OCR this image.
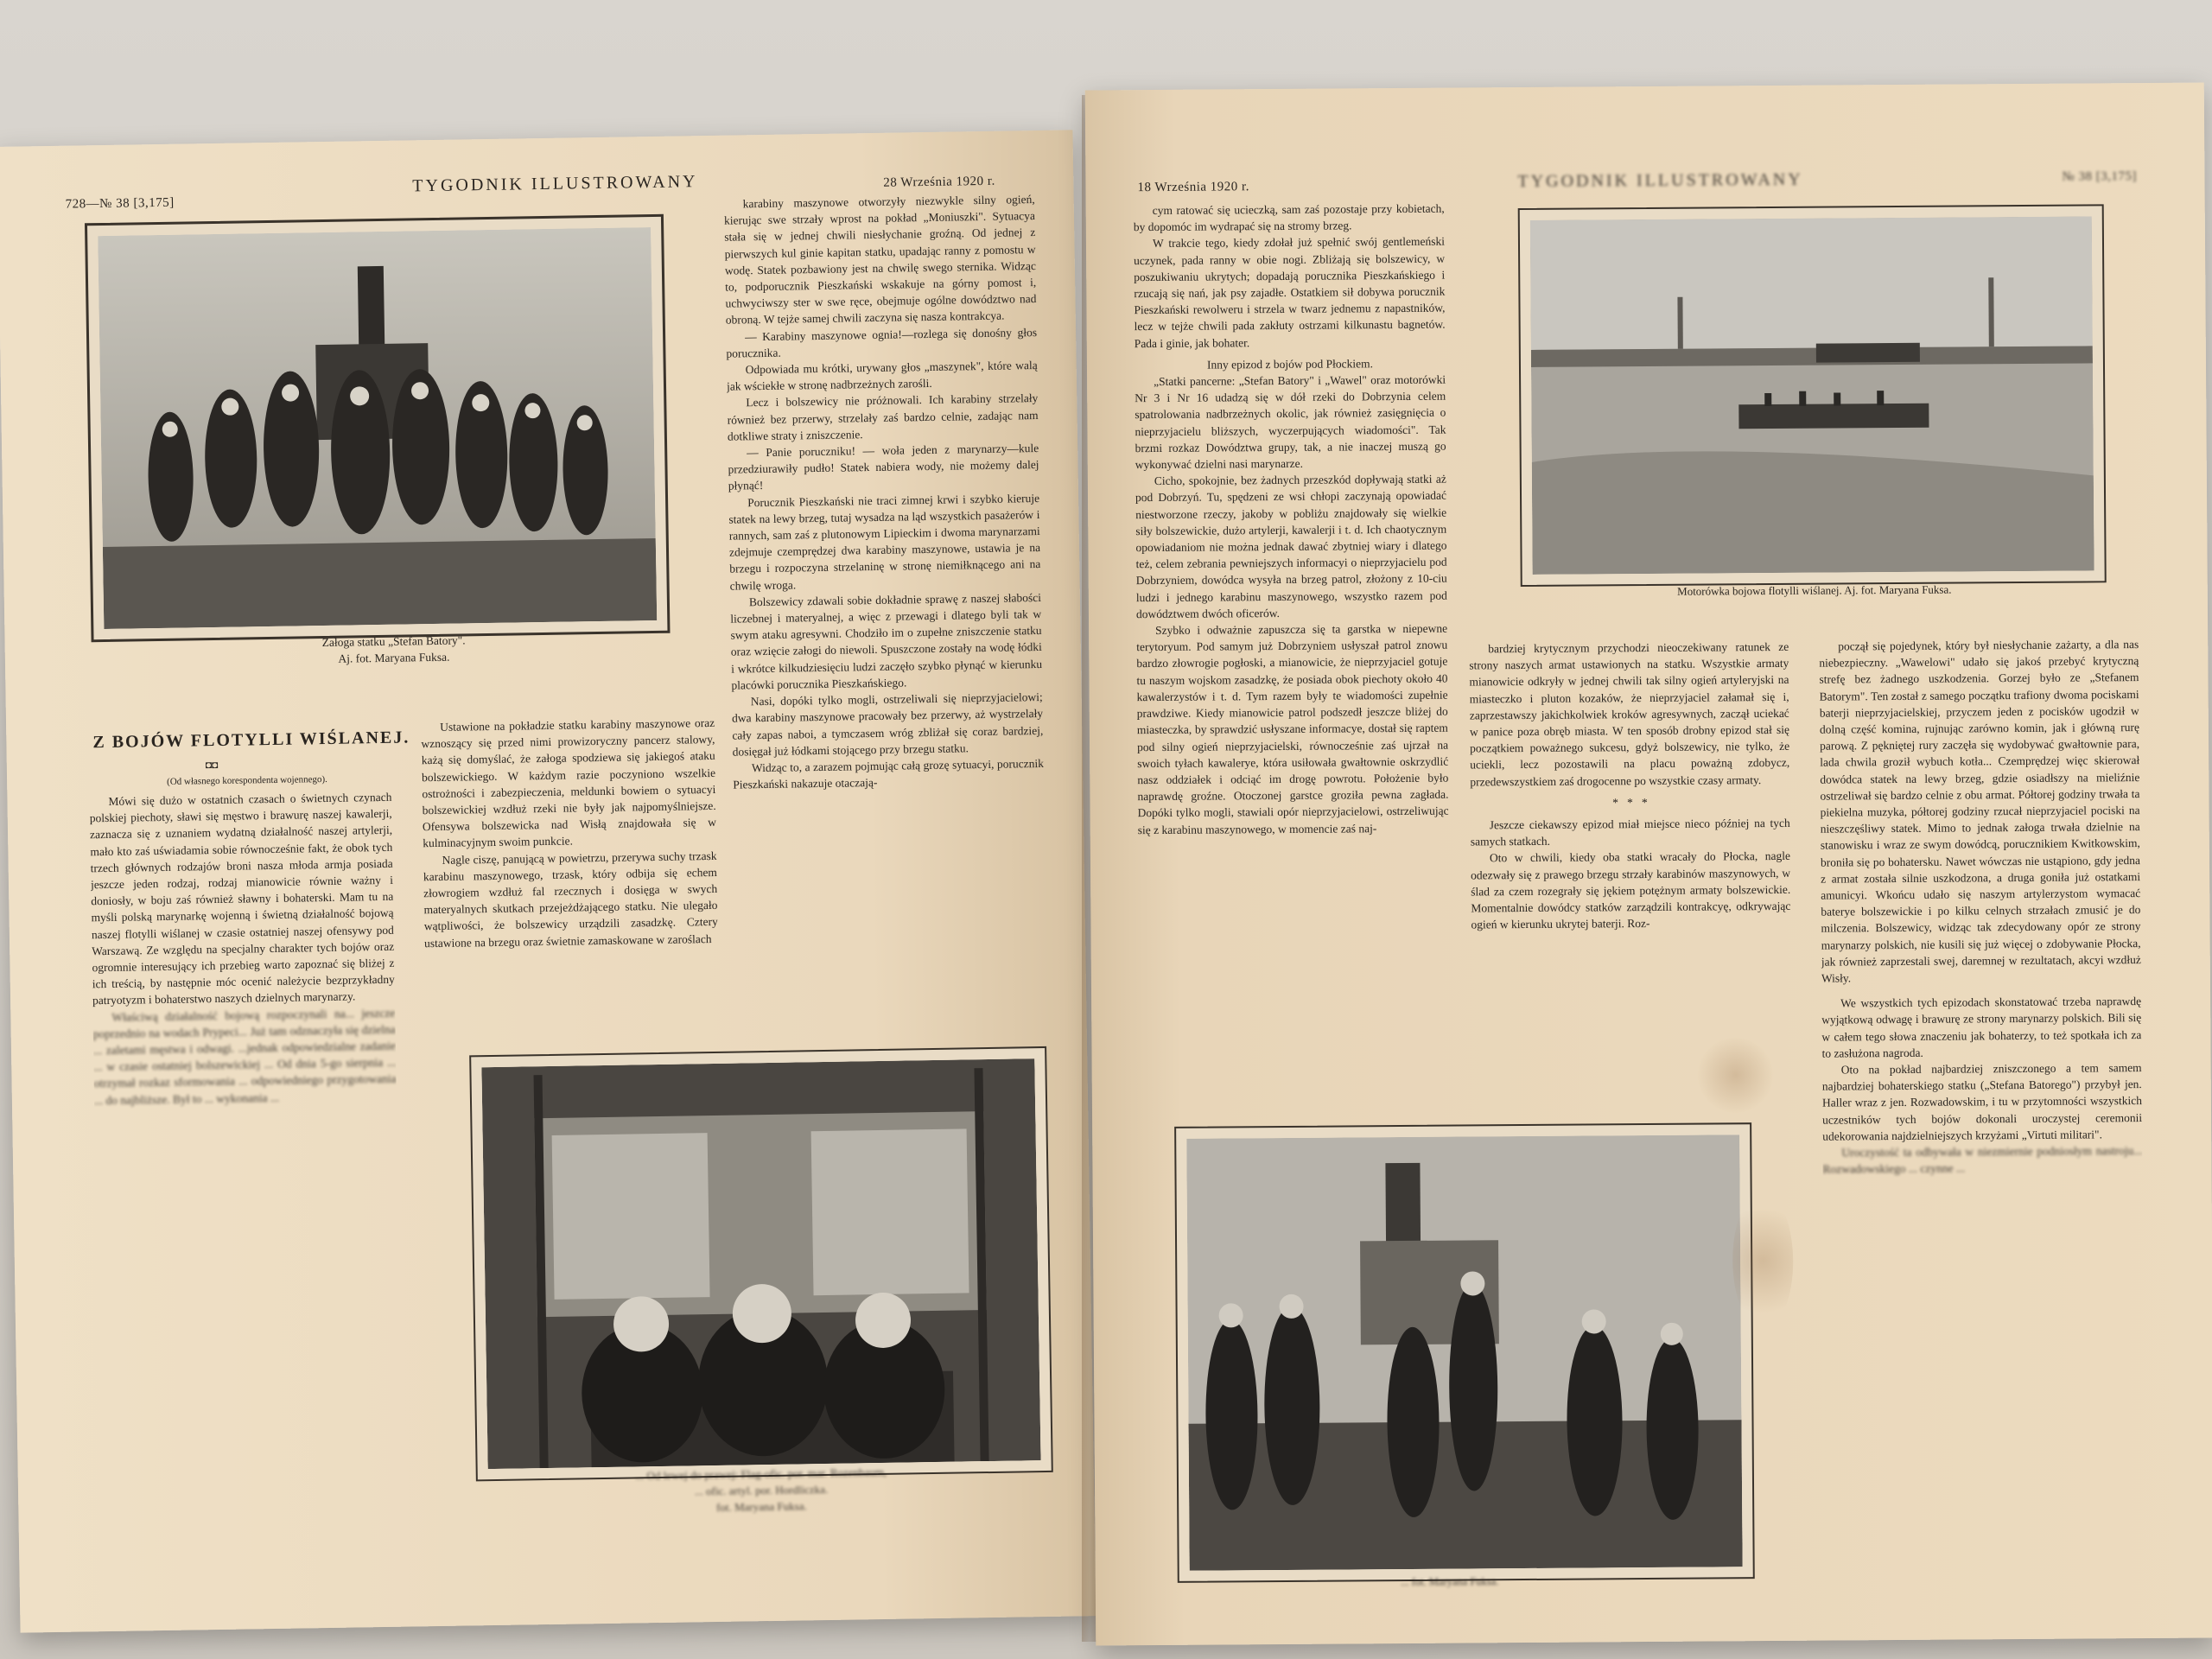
728—№ 38 [3,175]
TYGODNIK ILLUSTROWANY	28 Września 1920 r.
Załoga statku „Stefan Batory".
Aj. fot. Maryana Fuksa.
Z BOJÓW FLOTYLLI WIŚLANEJ.
◘◘
(Od własnego korespondenta wojennego).

Mówi się dużo w ostatnich czasach o świetnych czynach polskiej piechoty, sławi się męstwo i brawurę naszej kawalerji, zaznacza się z uznaniem wydatną działalność naszej artylerji, mało kto zaś uświadamia sobie równocześnie fakt, że obok tych trzech głównych rodzajów broni nasza młoda armja posiada jeszcze jeden rodzaj, rodzaj mianowicie równie ważny i doniosły, w boju zaś również sławny i bohaterski. Mam tu na myśli polską marynarkę wojenną i świetną działalność bojową naszej flotylli wiślanej w czasie ostatniej naszej ofensywy pod Warszawą. Ze względu na specjalny charakter tych bojów oraz ogromnie interesujący ich przebieg warto zapoznać się bliżej z ich treścią, by następnie móc ocenić należycie bezprzykładny patryotyzm i bohaterstwo naszych dzielnych marynarzy.

Właściwą działalność bojową rozpoczynali na... jeszcze poprzednio na wodach Prypeci... Już tam odznaczyła się dzielna ... zaletami męstwa i odwagi. ...jednak odpowiedzialne zadanie ... w czasie ostatniej bolszewickiej ... Od dnia 5-go sierpnia ... otrzymał rozkaz sformowania ... odpowiedniego przygotowania ... do najbliższe. Był to ... wykonania ...

Ustawione na pokładzie statku karabiny maszynowe oraz wznoszący się przed nimi prowizoryczny pancerz stalowy, każą się domyślać, że załoga spodziewa się jakiegoś ataku bolszewickiego. W każdym razie poczyniono wszelkie ostrożności i zabezpieczenia, meldunki bowiem o sytuacyi bolszewickiej wzdłuż rzeki nie były jak najpomyślniejsze. Ofensywa bolszewicka nad Wisłą znajdowała się w kulminacyjnym swoim punkcie.

Nagle ciszę, panującą w powietrzu, przerywa suchy trzask karabinu maszynowego, trzask, który odbija się echem złowrogiem wzdłuż fal rzecznych i dosięga w swych materyalnych skutkach przejeżdżającego statku. Nie ulegało wątpliwości, że bolszewicy urządzili zasadzkę. Cztery ustawione na brzegu oraz świetnie zamaskowane w zaroślach

karabiny maszynowe otworzyły niezwykle silny ogień, kierując swe strzały wprost na pokład „Moniuszki". Sytuacya stała się w jednej chwili niesłychanie groźną. Od jednej z pierwszych kul ginie kapitan statku, upadając ranny z pomostu w wodę. Statek pozbawiony jest na chwilę swego sternika. Widząc to, podporucznik Pieszkański wskakuje na górny pomost i, uchwyciwszy ster w swe ręce, obejmuje ogólne dowództwo nad obroną. W tejże samej chwili zaczyna się nasza kontrakcya.

— Karabiny maszynowe ognia!—rozlega się donośny głos porucznika.

Odpowiada mu krótki, urywany głos „maszynek", które walą jak wściekłe w stronę nadbrzeżnych zarośli.

Lecz i bolszewicy nie próżnowali. Ich karabiny strzelały również bez przerwy, strzelały zaś bardzo celnie, zadając nam dotkliwe straty i zniszczenie.

— Panie poruczniku! — woła jeden z marynarzy—kule przedziurawiły pudło! Statek nabiera wody, nie możemy dalej płynąć!

Porucznik Pieszkański nie traci zimnej krwi i szybko kieruje statek na lewy brzeg, tutaj wysadza na ląd wszystkich pasażerów i rannych, sam zaś z plutonowym Lipieckim i dwoma marynarzami zdejmuje czemprędzej dwa karabiny maszynowe, ustawia je na brzegu i rozpoczyna strzelaninę w stronę niemiłknącego ani na chwilę wroga.

Bolszewicy zdawali sobie dokładnie sprawę z naszej słabości liczebnej i materyalnej, a więc z przewagi i dlatego byli tak w swym ataku agresywni. Chodziło im o zupełne zniszczenie statku oraz wzięcie załogi do niewoli. Spuszczone zostały na wodę łódki i wkrótce kilkudziesięciu ludzi zaczęło szybko płynąć w kierunku placówki porucznika Pieszkańskiego.

Nasi, dopóki tylko mogli, ostrzeliwali się nieprzyjacielowi; dwa karabiny maszynowe pracowały bez przerwy, aż wystrzelały cały zapas naboi, a tymczasem wróg zbliżał się coraz bardziej, dosięgał już łódkami stojącego przy brzegu statku.

Widząc to, a zarazem pojmując całą grozę sytuacyi, porucznik Pieszkański nakazuje otaczają-

... Od lewej do prawej: Flag-ofic. por. mar. Rozenbaum,
... ofic. artyl. por. Hordliczka.
fot. Maryana Fuksa.
18 Września 1920 r.	TYGODNIK ILLUSTROWANY	№ 38 [3,175]

cym ratować się ucieczką, sam zaś pozostaje przy kobietach, by dopomóc im wydrapać się na stromy brzeg.

W trakcie tego, kiedy zdołał już spełnić swój gentlemeński uczynek, pada ranny w obie nogi. Zbliżają się bolszewicy, w poszukiwaniu ukrytych; dopadają porucznika Pieszkańskiego i rzucają się nań, jak psy zajadłe. Ostatkiem sił dobywa porucznik Pieszkański rewolweru i strzela w twarz jednemu z napastników, lecz w tejże chwili pada zakłuty ostrzami kilkunastu bagnetów. Pada i ginie, jak bohater.

Inny epizod z bojów pod Płockiem.

„Statki pancerne: „Stefan Batory" i „Wawel" oraz motorówki Nr 3 i Nr 16 udadzą się w dół rzeki do Dobrzynia celem spatrolowania nadbrzeżnych okolic, jak również zasięgnięcia o nieprzyjacielu bliższych, wyczerpujących wiadomości". Tak brzmi rozkaz Dowództwa grupy, tak, a nie inaczej muszą go wykonywać dzielni nasi marynarze.

Cicho, spokojnie, bez żadnych przeszkód dopływają statki aż pod Dobrzyń. Tu, spędzeni ze wsi chłopi zaczynają opowiadać niestworzone rzeczy, jakoby w pobliżu znajdowały się wielkie siły bolszewickie, dużo artylerji, kawalerji i t. d. Ich chaotycznym opowiadaniom nie można jednak dawać zbytniej wiary i dlatego też, celem zebrania pewniejszych informacyi o nieprzyjacielu pod Dobrzyniem, dowódca wysyła na brzeg patrol, złożony z 10-ciu ludzi i jednego karabinu maszynowego, wszystko razem pod dowództwem dwóch oficerów.

Szybko i odważnie zapuszcza się ta garstka w niepewne terytoryum. Pod samym już Dobrzyniem usłyszał patrol znowu bardzo złowrogie pogłoski, a mianowicie, że nieprzyjaciel gotuje tu naszym wojskom zasadzkę, że posiada obok piechoty około 40 kawalerzystów i t. d. Tym razem były te wiadomości zupełnie prawdziwe. Kiedy mianowicie patrol podszedł jeszcze bliżej do miasteczka, by sprawdzić usłyszane informacye, dostał się raptem pod silny ogień nieprzyjacielski, równocześnie zaś ujrzał na swoich tyłach kawalerye, która usiłowała gwałtownie oskrzydlić nasz oddziałek i odciąć im drogę powrotu. Położenie było naprawdę groźne. Otoczonej garstce groziła pewna zagłada. Dopóki tylko mogli, stawiali opór nieprzyjacielowi, ostrzeliwując się z karabinu maszynowego, w momencie zaś naj-

Motorówka bojowa flotylli wiślanej. Aj. fot. Maryana Fuksa.

bardziej krytycznym przychodzi nieoczekiwany ratunek ze strony naszych armat ustawionych na statku. Wszystkie armaty mianowicie odkryły w jednej chwili tak silny ogień artyleryjski na miasteczko i pluton kozaków, że nieprzyjaciel załamał się i, zaprzestawszy jakichkolwiek kroków agresywnych, zaczął uciekać w panice poza obręb miasta. W ten sposób drobny epizod stał się początkiem poważnego sukcesu, gdyż bolszewicy, nie tylko, że uciekli, lecz pozostawili na placu poważną zdobycz, przedewszystkiem zaś drogocenne po wszystkie czasy armaty.

*   *   *

Jeszcze ciekawszy epizod miał miejsce nieco później na tych samych statkach.

Oto w chwili, kiedy oba statki wracały do Płocka, nagle odezwały się z prawego brzegu strzały karabinów maszynowych, w ślad za czem rozegrały się jękiem potężnym armaty bolszewickie. Momentalnie dowódcy statków zarządzili kontrakcyę, odkrywając ogień w kierunku ukrytej baterji. Roz-

począł się pojedynek, który był niesłychanie zażarty, a dla nas niebezpieczny. „Wawelowi" udało się jakoś przebyć krytyczną strefę bez żadnego uszkodzenia. Gorzej było ze „Stefanem Batorym". Ten został z samego początku trafiony dwoma pociskami baterji nieprzyjacielskiej, przyczem jeden z pocisków ugodził w dolną część komina, rujnując zarówno komin, jak i główną rurę parową. Z pękniętej rury zaczęła się wydobywać gwałtownie para, lada chwila groził wybuch kotła... Czemprędzej więc skierował dowódca statek na lewy brzeg, gdzie osiadłszy na mieliźnie ostrzeliwał się bardzo celnie z obu armat. Półtorej godziny trwała ta piekielna muzyka, półtorej godziny rzucał nieprzyjaciel pociski na nieszczęśliwy statek. Mimo to jednak załoga trwała dzielnie na stanowisku i wraz ze swym dowódcą, porucznikiem Kwitkowskim, broniła się po bohatersku. Nawet wówczas nie ustąpiono, gdy jedna z armat została silnie uszkodzona, a druga goniła już ostatkami amunicyi. Wkońcu udało się naszym artylerzystom wymacać baterye bolszewickie i po kilku celnych strzałach zmusić je do milczenia. Bolszewicy, widząc tak zdecydowany opór ze strony marynarzy polskich, nie kusili się już więcej o zdobywanie Płocka, jak również zaprzestali swej, daremnej w rezultatach, akcyi wzdłuż Wisły.

We wszystkich tych epizodach skonstatować trzeba naprawdę wyjątkową odwagę i brawurę ze strony marynarzy polskich. Bili się w całem tego słowa znaczeniu jak bohaterzy, to też spotkała ich za to zasłużona nagroda.

Oto na pokład najbardziej zniszczonego a tem samem najbardziej bohaterskiego statku („Stefana Batorego") przybył jen. Haller wraz z jen. Rozwadowskim, i tu w przytomności wszystkich uczestników tych bojów dokonali uroczystej ceremonii udekorowania najdzielniejszych krzyżami „Virtuti militari".

Uroczystość ta odbywała w niezmiernie podniosłym nastroju... Rozwadowskiego ... czynne ...

... fot. Maryana Fuksa.
